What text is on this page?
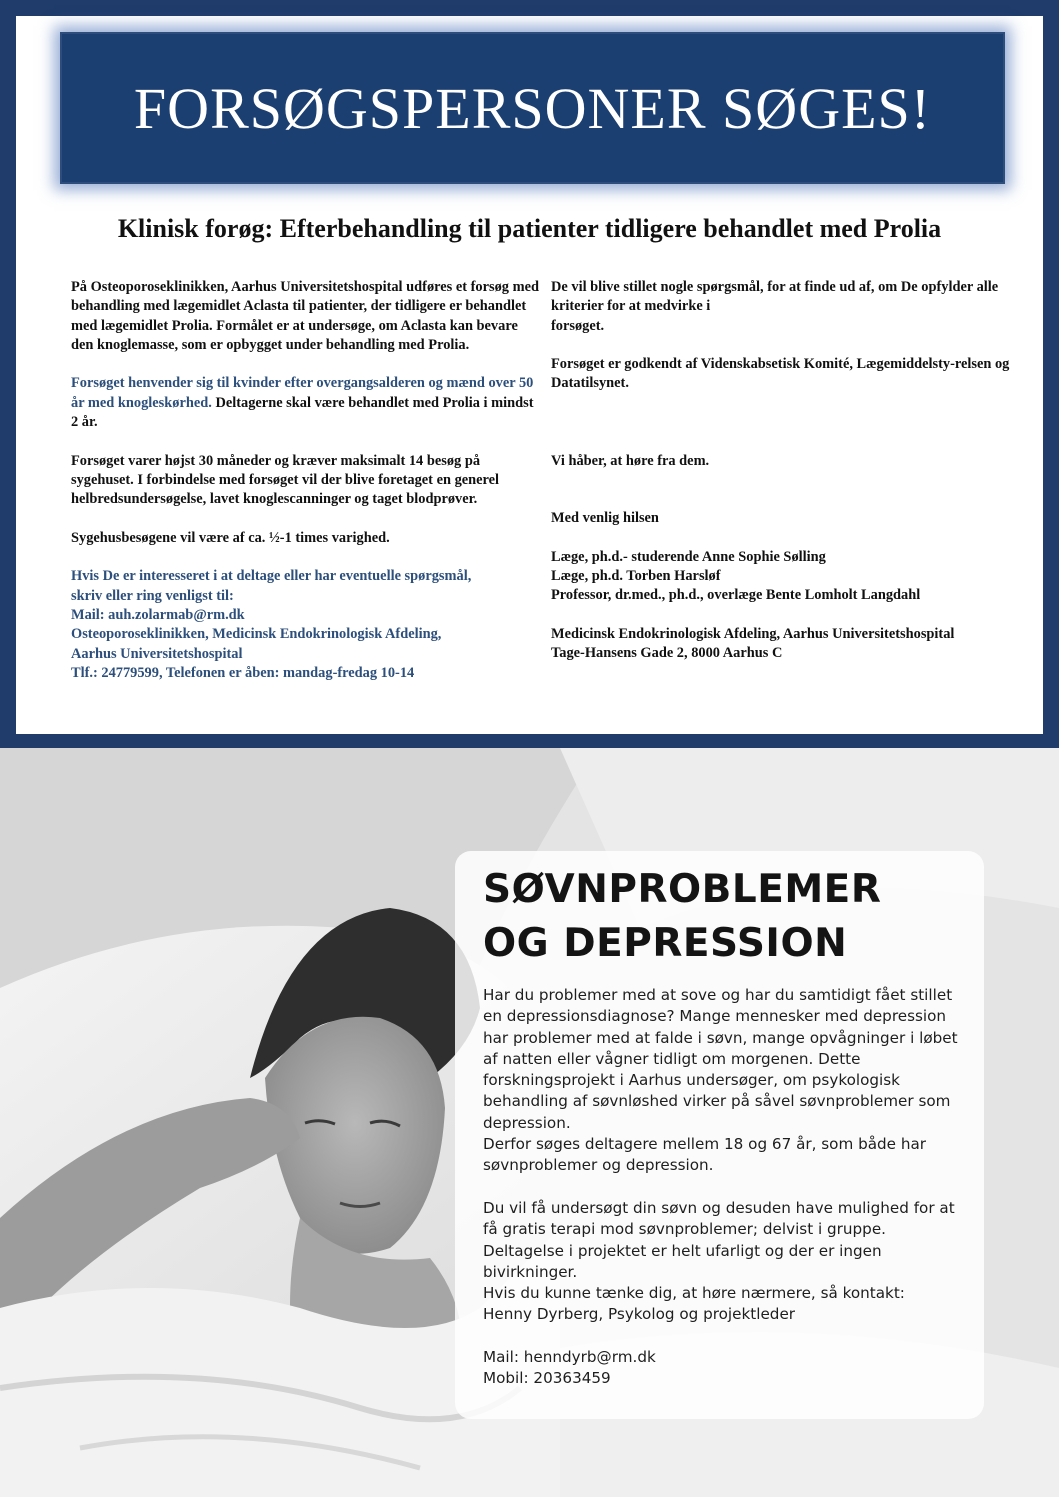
FORSØGSPERSONER SØGES!
Klinisk forøg: Efterbehandling til patienter tidligere behandlet med Prolia

På Osteoporoseklinikken, Aarhus Universitetshospital udføres et forsøg med behandling med lægemidlet Aclasta til patienter, der tidligere er behandlet med lægemidlet Prolia. Formålet er at undersøge, om Aclasta kan bevare den knoglemasse, som er opbygget under behandling med Prolia.

Forsøget henvender sig til kvinder efter overgangsalderen og mænd over 50 år med knogleskørhed. Deltagerne skal være behandlet med Prolia i mindst 2 år.

Forsøget varer højst 30 måneder og kræver maksimalt 14 besøg på sygehuset. I forbindelse med forsøget vil der blive foretaget en generel helbredsundersøgelse, lavet knoglescanninger og taget blodprøver.

Sygehusbesøgene vil være af ca. ½-1 times varighed.

Hvis De er interesseret i at deltage eller har eventuelle spørgsmål,
skriv eller ring venligst til:
Mail: auh.zolarmab@rm.dk
Osteoporoseklinikken, Medicinsk Endokrinologisk Afdeling,
Aarhus Universitetshospital
Tlf.: 24779599, Telefonen er åben: mandag-fredag 10-14

De vil blive stillet nogle spørgsmål, for at finde ud af, om De opfylder alle kriterier for at medvirke i
forsøget.

Forsøget er godkendt af Videnskabsetisk Komité, Lægemiddelsty-relsen og Datatilsynet.

Vi håber, at høre fra dem.

Med venlig hilsen

Læge, ph.d.- studerende Anne Sophie Sølling
Læge, ph.d. Torben Harsløf
Professor, dr.med., ph.d., overlæge Bente Lomholt Langdahl

Medicinsk Endokrinologisk Afdeling, Aarhus Universitetshospital
Tage-Hansens Gade 2, 8000 Aarhus C

SØVNPROBLEMER
OG DEPRESSION

Har du problemer med at sove og har du samtidigt fået stillet en depressionsdiagnose? Mange mennesker med depression har problemer med at falde i søvn, mange opvågninger i løbet af natten eller vågner tidligt om morgenen. Dette forskningsprojekt i Aarhus undersøger, om psykologisk behandling af søvnløshed virker på såvel søvnproblemer som depression.

Derfor søges deltagere mellem 18 og 67 år, som både har søvnproblemer og depression.

Du vil få undersøgt din søvn og desuden have mulighed for at få gratis terapi mod søvnproblemer; delvist i gruppe. Deltagelse i projektet er helt ufarligt og der er ingen bivirkninger.

Hvis du kunne tænke dig, at høre nærmere, så kontakt:

Henny Dyrberg, Psykolog og projektleder

Mail: henndyrb@rm.dk

Mobil: 20363459
